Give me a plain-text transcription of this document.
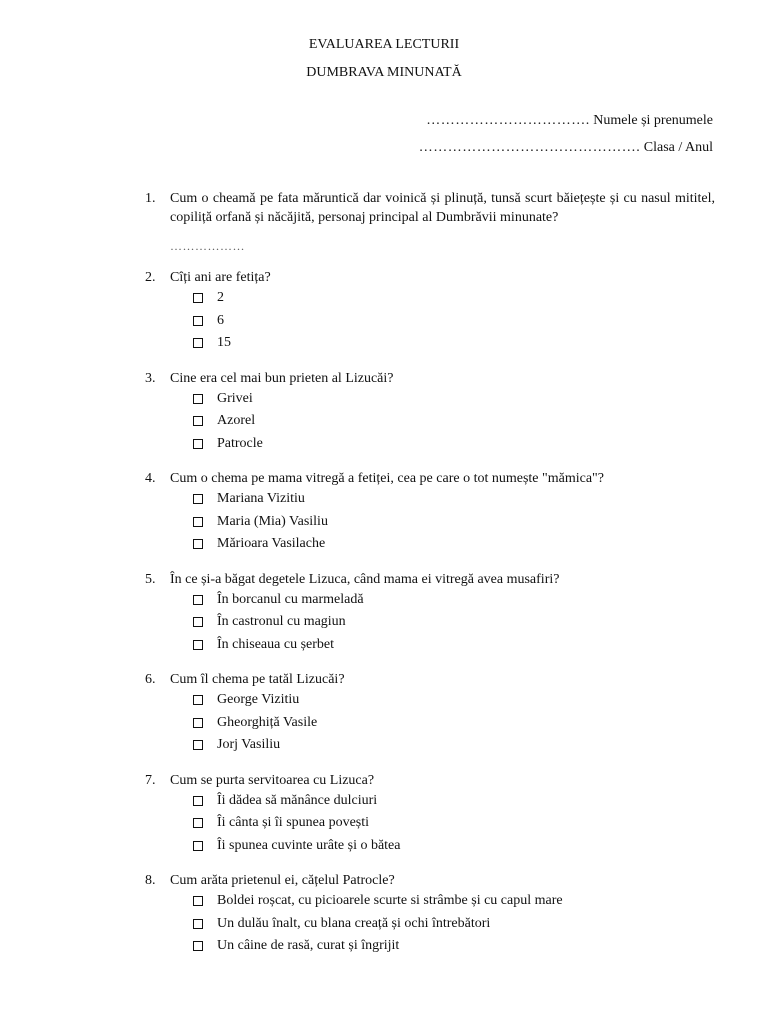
EVALUAREA LECTURII
DUMBRAVA MINUNATĂ
……………………………. Numele și prenumele
………………………………………. Clasa / Anul
1.	Cum o cheamă pe fata măruntică dar voinică și plinuță, tunsă scurt băiețește și cu nasul mititel, copiliță orfană și năcăjită, personaj principal al Dumbrăvii minunate?
………………
2.	Cîți ani are fetița?
2
6
15
3.	Cine era cel mai bun prieten al Lizucăi?
Grivei
Azorel
Patrocle
4.	Cum o chema pe mama vitregă a fetiței, cea pe care o tot numește "mămica"?
Mariana Vizitiu
Maria (Mia) Vasiliu
Mărioara Vasilache
5.	În ce și-a băgat degetele Lizuca, când mama ei vitregă avea musafiri?
În borcanul cu marmeladă
În castronul cu magiun
În chiseaua cu șerbet
6.	Cum îl chema pe tatăl Lizucăi?
George Vizitiu
Gheorghiță Vasile
Jorj Vasiliu
7.	Cum se purta servitoarea cu Lizuca?
Îi dădea să mănânce dulciuri
Îi cânta și îi spunea povești
Îi spunea cuvinte urâte și o bătea
8.	Cum arăta prietenul ei, cățelul Patrocle?
Boldei roșcat, cu picioarele scurte si strâmbe și cu capul mare
Un dulău înalt, cu blana creață și ochi întrebători
Un câine de rasă, curat și îngrijit
